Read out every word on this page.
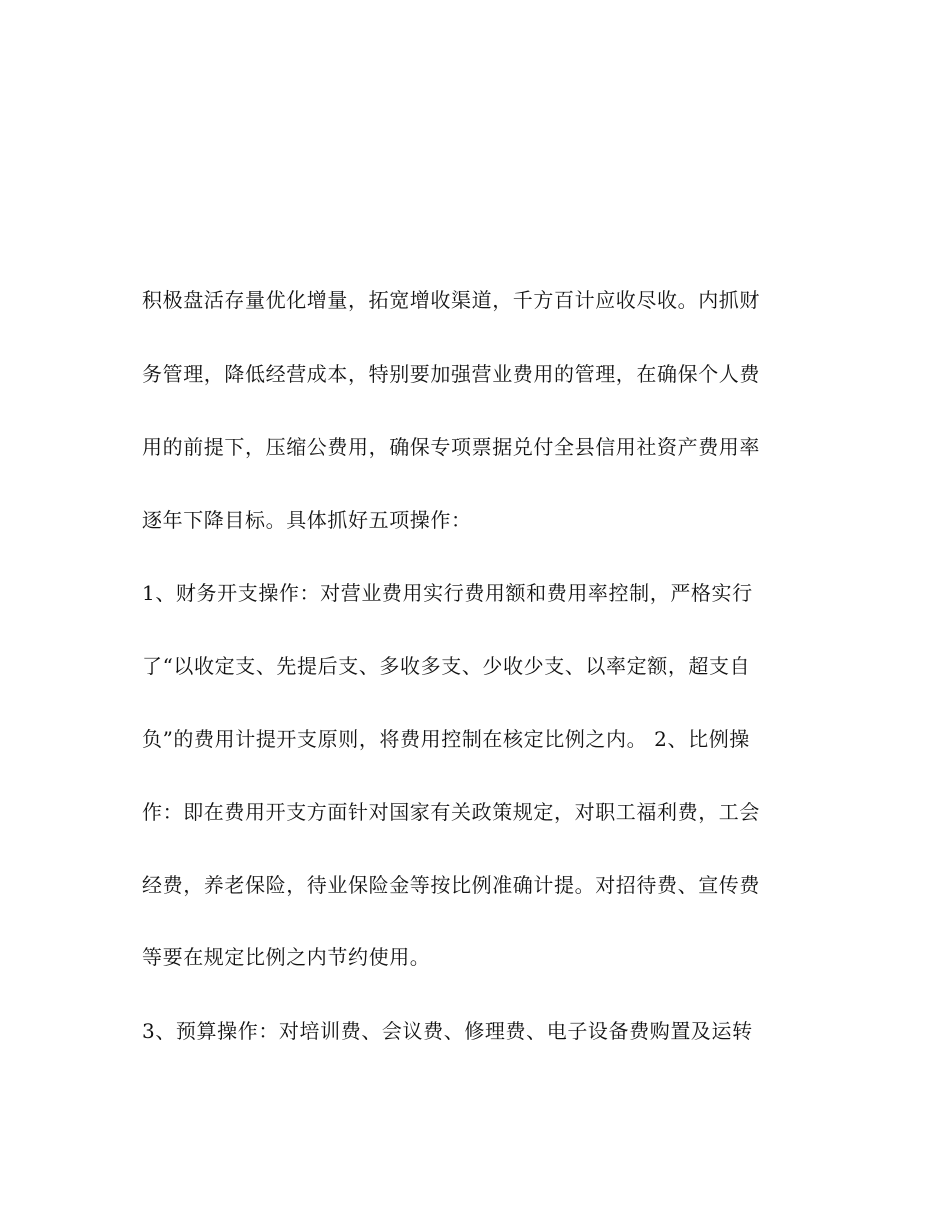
积极盘活存量优化增量，拓宽增收渠道，千方百计应收尽收。内抓财
务管理，降低经营成本，特别要加强营业费用的管理，在确保个人费
用的前提下，压缩公费用，确保专项票据兑付全县信用社资产费用率
逐年下降目标。具体抓好五项操作：
1、财务开支操作：对营业费用实行费用额和费用率控制，严格实行
了“以收定支、先提后支、多收多支、少收少支、以率定额，超支自
负”的费用计提开支原则，将费用控制在核定比例之内。 2、比例操
作：即在费用开支方面针对国家有关政策规定，对职工福利费，工会
经费，养老保险，待业保险金等按比例准确计提。对招待费、宣传费
等要在规定比例之内节约使用。
3、预算操作：对培训费、会议费、修理费、电子设备费购置及运转
